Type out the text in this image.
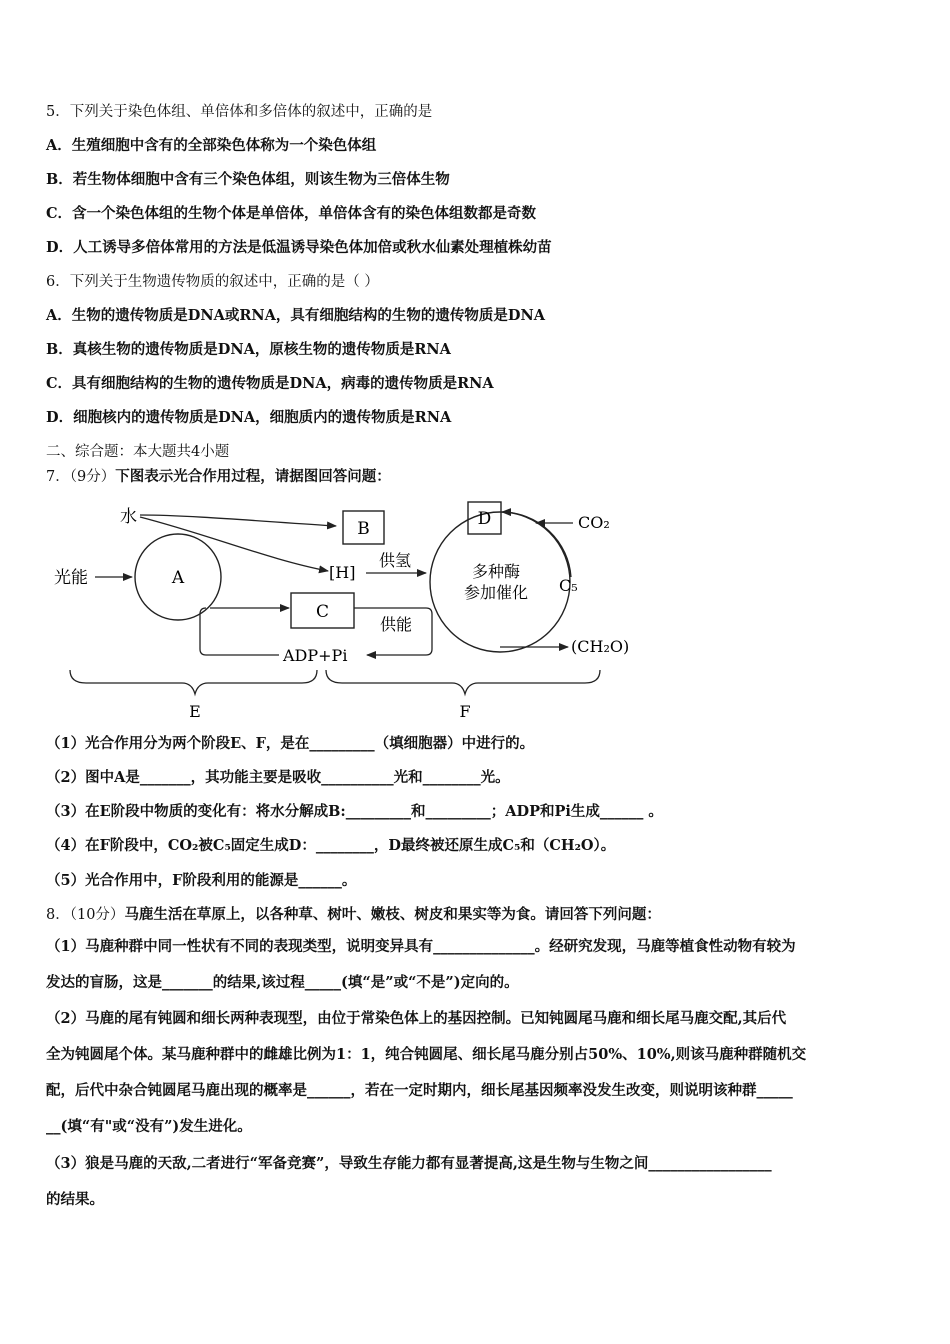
5．下列关于染色体组、单倍体和多倍体的叙述中，正确的是
A．生殖细胞中含有的全部染色体称为一个染色体组
B．若生物体细胞中含有三个染色体组，则该生物为三倍体生物
C．含一个染色体组的生物个体是单倍体，单倍体含有的染色体组数都是奇数
D．人工诱导多倍体常用的方法是低温诱导染色体加倍或秋水仙素处理植株幼苗
6．下列关于生物遗传物质的叙述中，正确的是（ ）
A．生物的遗传物质是DNA或RNA，具有细胞结构的生物的遗传物质是DNA
B．真核生物的遗传物质是DNA，原核生物的遗传物质是RNA
C．具有细胞结构的生物的遗传物质是DNA，病毒的遗传物质是RNA
D．细胞核内的遗传物质是DNA，细胞质内的遗传物质是RNA
二、综合题：本大题共4小题
7．（9分）下图表示光合作用过程，请据图回答问题：
水
光能	A
B
[H]
供氢
C
ADP+Pi
供能
多种酶
参加催化
D	CO₂
C₅
(CH₂O)
E	F
（1）光合作用分为两个阶段E、F，是在_________（填细胞器）中进行的。
（2）图中A是_______，其功能主要是吸收__________光和________光。
（3）在E阶段中物质的变化有：将水分解成B:_________和_________；ADP和Pi生成______ 。
（4）在F阶段中，CO₂被C₅固定生成D：________，D最终被还原生成C₅和（CH₂O）。
（5）光合作用中，F阶段利用的能源是______。
8．（10分）马鹿生活在草原上，以各种草、树叶、嫩枝、树皮和果实等为食。请回答下列问题：
（1）马鹿种群中同一性状有不同的表现类型，说明变异具有______________。经研究发现，马鹿等植食性动物有较为
发达的盲肠，这是_______的结果,该过程_____(填“是”或“不是”)定向的。
（2）马鹿的尾有钝圆和细长两种表现型，由位于常染色体上的基因控制。已知钝圆尾马鹿和细长尾马鹿交配,其后代
全为钝圆尾个体。某马鹿种群中的雌雄比例为1：1，纯合钝圆尾、细长尾马鹿分别占50%、10%,则该马鹿种群随机交
配，后代中杂合钝圆尾马鹿出现的概率是______，若在一定时期内，细长尾基因频率没发生改变，则说明该种群_____
__(填“有"或“没有”)发生进化。
（3）狼是马鹿的天敌,二者进行“军备竞赛”，导致生存能力都有显著提高,这是生物与生物之间_________________
的结果。
